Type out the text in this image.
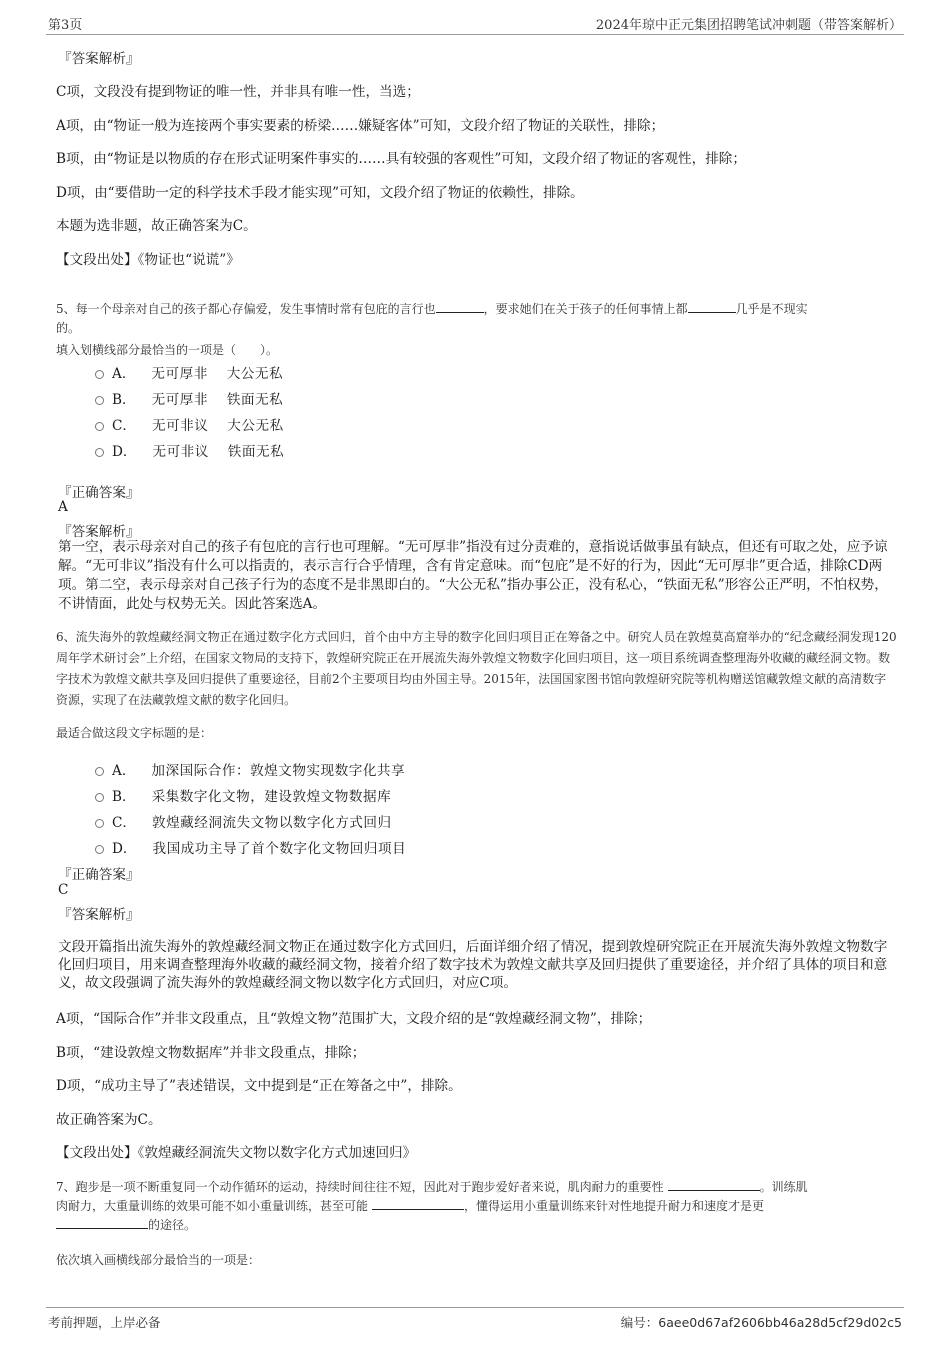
第3页	2024年琼中正元集团招聘笔试冲刺题（带答案解析）
『答案解析』
C项，文段没有提到物证的唯一性，并非具有唯一性，当选；
A项，由“物证一般为连接两个事实要素的桥梁……嫌疑客体”可知，文段介绍了物证的关联性，排除；
B项，由“物证是以物质的存在形式证明案件事实的……具有较强的客观性”可知，文段介绍了物证的客观性，排除；
D项，由“要借助一定的科学技术手段才能实现”可知，文段介绍了物证的依赖性，排除。
本题为选非题，故正确答案为C。
【文段出处】《物证也“说谎”》
5、每一个母亲对自己的孩子都心存偏爱，发生事情时常有包庇的言行也	，要求她们在关于孩子的任何事情上都	几乎是不现实
的。
填入划横线部分最恰当的一项是（　　）。
A． 无可厚非　 大公无私
B． 无可厚非　 铁面无私
C． 无可非议　 大公无私
D． 无可非议　 铁面无私
『正确答案』
A
『答案解析』
第一空，表示母亲对自己的孩子有包庇的言行也可理解。“无可厚非”指没有过分责难的，意指说话做事虽有缺点，但还有可取之处，应予谅解。“无可非议”指没有什么可以指责的，表示言行合乎情理，含有肯定意味。而“包庇”是不好的行为，因此“无可厚非”更合适，排除CD两项。第二空，表示母亲对自己孩子行为的态度不是非黑即白的。“大公无私”指办事公正，没有私心，“铁面无私”形容公正严明，不怕权势，不讲情面，此处与权势无关。因此答案选A。
6、流失海外的敦煌藏经洞文物正在通过数字化方式回归，首个由中方主导的数字化回归项目正在筹备之中。研究人员在敦煌莫高窟举办的“纪念藏经洞发现120周年学术研讨会”上介绍，在国家文物局的支持下，敦煌研究院正在开展流失海外敦煌文物数字化回归项目，这一项目系统调查整理海外收藏的藏经洞文物。数字技术为敦煌文献共享及回归提供了重要途径，目前2个主要项目均由外国主导。2015年，法国国家图书馆向敦煌研究院等机构赠送馆藏敦煌文献的高清数字资源，实现了在法藏敦煌文献的数字化回归。
最适合做这段文字标题的是：
A． 加深国际合作：敦煌文物实现数字化共享
B． 采集数字化文物，建设敦煌文物数据库
C． 敦煌藏经洞流失文物以数字化方式回归
D． 我国成功主导了首个数字化文物回归项目
『正确答案』
C
『答案解析』
文段开篇指出流失海外的敦煌藏经洞文物正在通过数字化方式回归，后面详细介绍了情况，提到敦煌研究院正在开展流失海外敦煌文物数字化回归项目，用来调查整理海外收藏的藏经洞文物，接着介绍了数字技术为敦煌文献共享及回归提供了重要途径，并介绍了具体的项目和意义，故文段强调了流失海外的敦煌藏经洞文物以数字化方式回归，对应C项。
A项，“国际合作”并非文段重点，且“敦煌文物”范围扩大，文段介绍的是“敦煌藏经洞文物”，排除；
B项，“建设敦煌文物数据库”并非文段重点，排除；
D项，“成功主导了”表述错误，文中提到是“正在筹备之中”，排除。
故正确答案为C。
【文段出处】《敦煌藏经洞流失文物以数字化方式加速回归》
7、跑步是一项不断重复同一个动作循环的运动，持续时间往往不短，因此对于跑步爱好者来说，肌肉耐力的重要性	。训练肌
肉耐力，大重量训练的效果可能不如小重量训练，甚至可能	，懂得运用小重量训练来针对性地提升耐力和速度才是更
的途径。
依次填入画横线部分最恰当的一项是：
考前押题，上岸必备	编号：6aee0d67af2606bb46a28d5cf29d02c5
